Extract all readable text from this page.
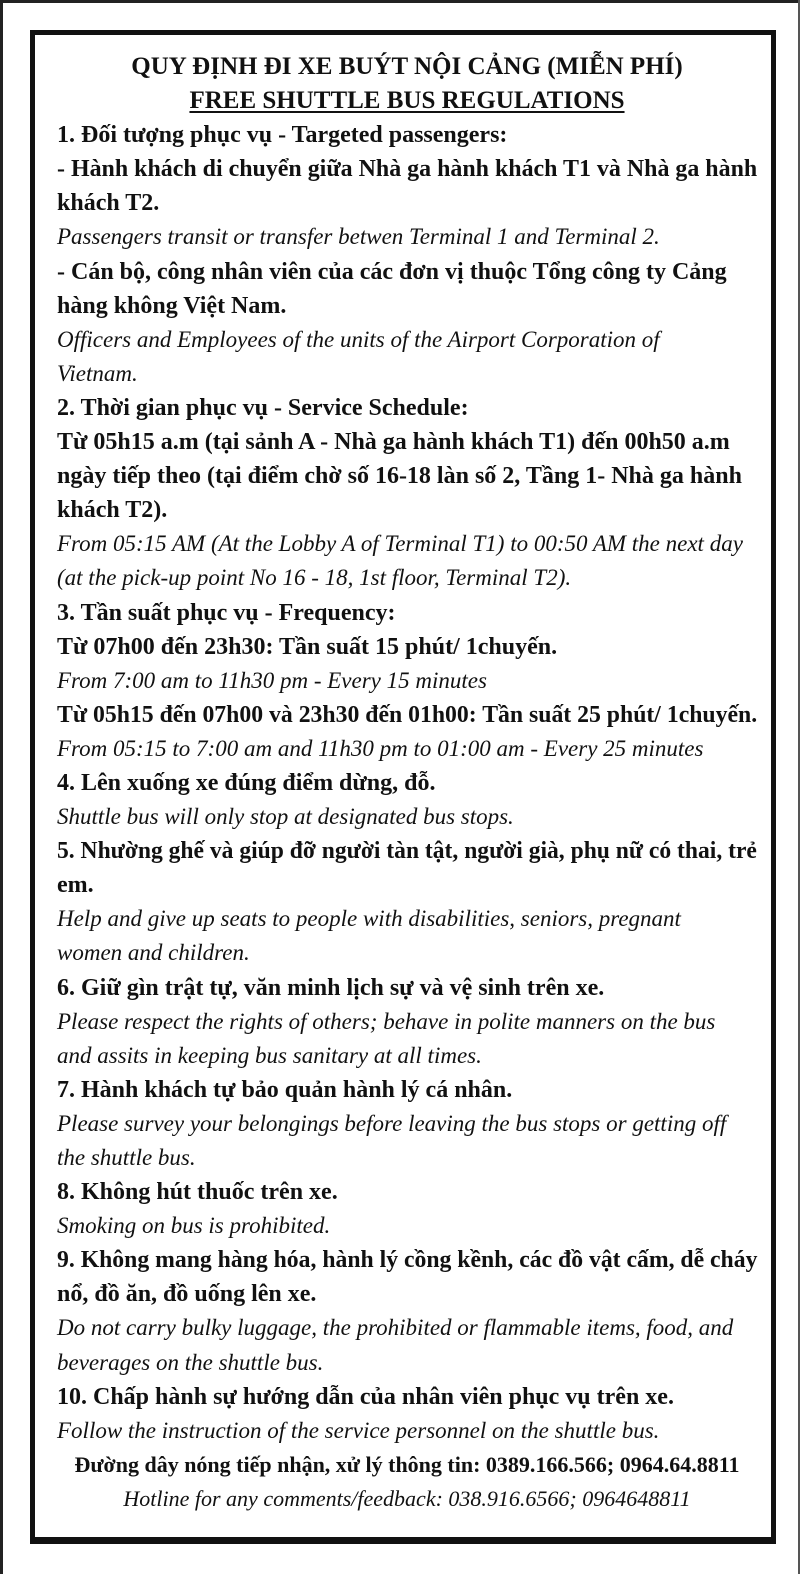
QUY ĐỊNH ĐI XE BUÝT NỘI CẢNG (MIỄN PHÍ)
FREE SHUTTLE BUS REGULATIONS
1. Đối tượng phục vụ - Targeted passengers:
- Hành khách di chuyển giữa Nhà ga hành khách T1 và Nhà ga hành
khách T2.
Passengers transit or transfer betwen Terminal 1 and Terminal 2.
- Cán bộ, công nhân viên của các đơn vị thuộc Tổng công ty Cảng
hàng không Việt Nam.
Officers and Employees of the units of the Airport Corporation of
Vietnam.
2. Thời gian phục vụ - Service Schedule:
Từ 05h15 a.m (tại sảnh A - Nhà ga hành khách T1) đến 00h50 a.m
ngày tiếp theo (tại điểm chờ số 16-18 làn số 2, Tầng 1- Nhà ga hành
khách T2).
From 05:15 AM (At the Lobby A of Terminal T1) to 00:50 AM the next day
(at the pick-up point No 16 - 18, 1st floor, Terminal T2).
3. Tần suất phục vụ - Frequency:
Từ 07h00 đến 23h30: Tần suất 15 phút/ 1chuyến.
From 7:00 am to 11h30 pm - Every 15 minutes
Từ 05h15 đến 07h00 và 23h30 đến 01h00: Tần suất 25 phút/ 1chuyến.
From 05:15 to 7:00 am and 11h30 pm to 01:00 am - Every 25 minutes
4. Lên xuống xe đúng điểm dừng, đỗ.
Shuttle bus will only stop at designated bus stops.
5. Nhường ghế và giúp đỡ người tàn tật, người già, phụ nữ có thai, trẻ
em.
Help and give up seats to people with disabilities, seniors, pregnant
women and children.
6. Giữ gìn trật tự, văn minh lịch sự và vệ sinh trên xe.
Please respect the rights of others; behave in polite manners on the bus
and assits in keeping bus sanitary at all times.
7. Hành khách tự bảo quản hành lý cá nhân.
Please survey your belongings before leaving the bus stops or getting off
the shuttle bus.
8. Không hút thuốc trên xe.
Smoking on bus is prohibited.
9. Không mang hàng hóa, hành lý cồng kềnh, các đồ vật cấm, dễ cháy
nổ, đồ ăn, đồ uống lên xe.
Do not carry bulky luggage, the prohibited or flammable items, food, and
beverages on the shuttle bus.
10. Chấp hành sự hướng dẫn của nhân viên phục vụ trên xe.
Follow the instruction of the service personnel on the shuttle bus.
Đường dây nóng tiếp nhận, xử lý thông tin: 0389.166.566; 0964.64.8811
Hotline for any comments/feedback: 038.916.6566; 0964648811
